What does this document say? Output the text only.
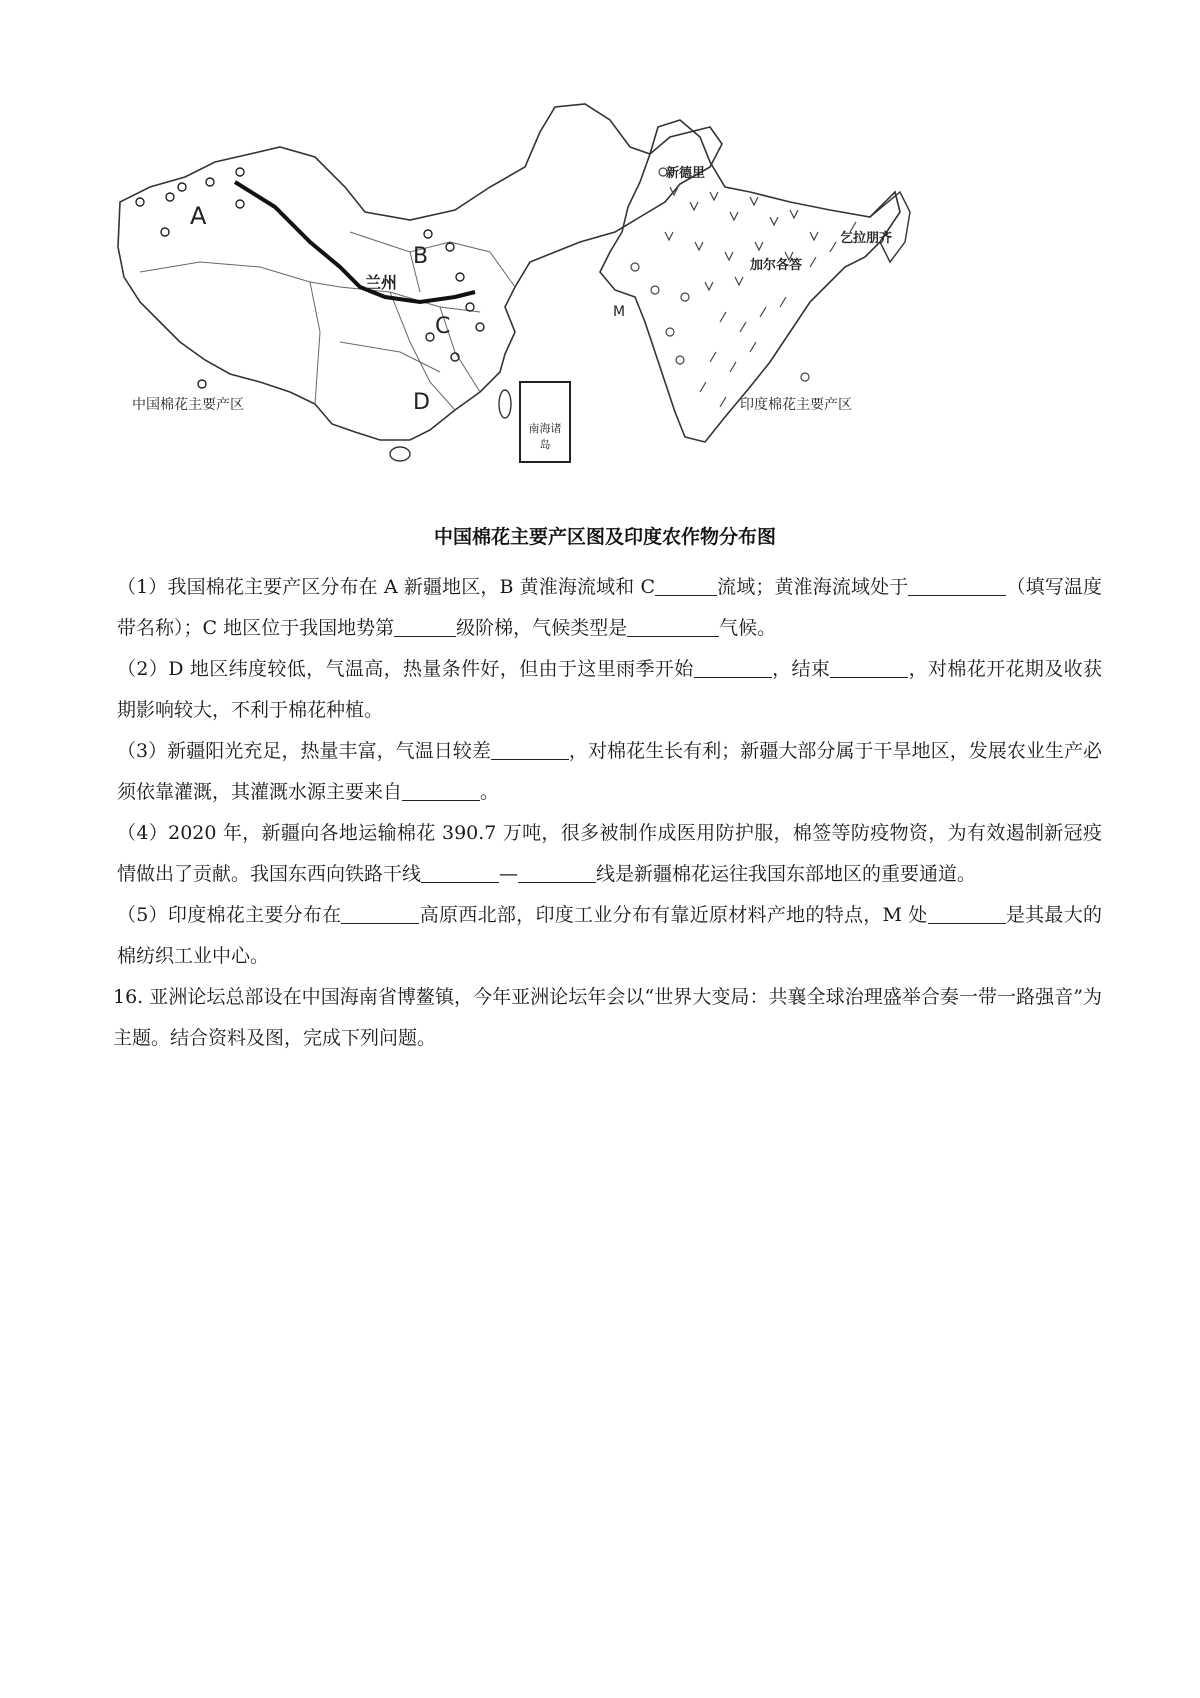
A
B
C
D
兰州
南海诸岛
中国棉花主要产区
新德里
加尔各答
乞拉朋齐
M
印度棉花主要产区
中国棉花主要产区图及印度农作物分布图

（1）我国棉花主要产区分布在 A 新疆地区，B 黄淮海流域和 C	流域；黄淮海流域处于	（填写温度带名称）；C 地区位于我国地势第	级阶梯，气候类型是	气候。

（2）D 地区纬度较低，气温高，热量条件好，但由于这里雨季开始	，结束	，对棉花开花期及收获期影响较大，不利于棉花种植。

（3）新疆阳光充足，热量丰富，气温日较差	，对棉花生长有利；新疆大部分属于干旱地区，发展农业生产必须依靠灌溉，其灌溉水源主要来自	。

（4）2020 年，新疆向各地运输棉花 390.7 万吨，很多被制作成医用防护服，棉签等防疫物资，为有效遏制新冠疫情做出了贡献。我国东西向铁路干线	—	线是新疆棉花运往我国东部地区的重要通道。

（5）印度棉花主要分布在	高原西北部，印度工业分布有靠近原材料产地的特点，M 处	是其最大的棉纺织工业中心。

16. 亚洲论坛总部设在中国海南省博鳌镇，今年亚洲论坛年会以“世界大变局：共襄全球治理盛举合奏一带一路强音”为主题。结合资料及图，完成下列问题。
